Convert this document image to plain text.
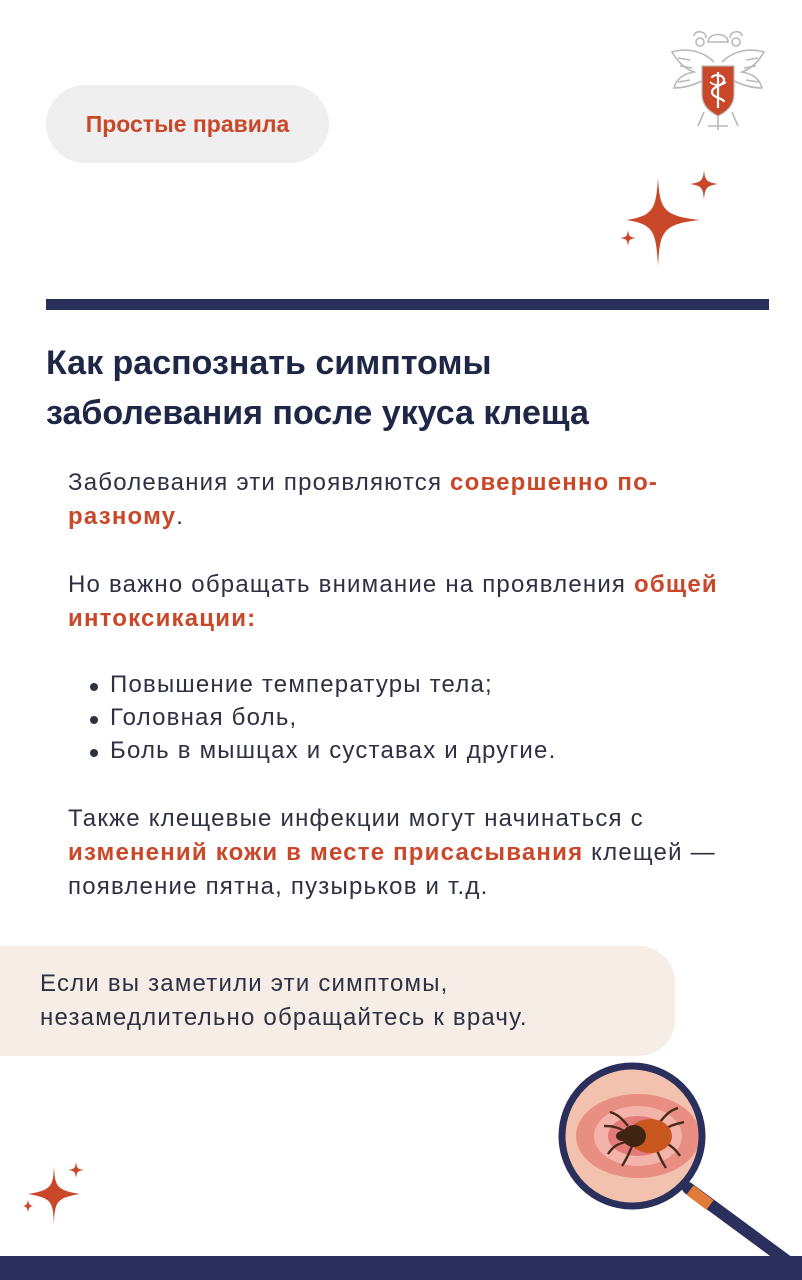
Простые правила
Как распознать симптомы
заболевания после укуса клеща

Заболевания эти проявляются совершенно по-разному.

Но важно обращать внимание на проявления общей интоксикации:

Повышение температуры тела;
Головная боль,
Боль в мышцах и суставах и другие.

Также клещевые инфекции могут начинаться с изменений кожи в месте присасывания клещей — появление пятна, пузырьков и т.д.

Если вы заметили эти симптомы,
незамедлительно обращайтесь к врачу.
